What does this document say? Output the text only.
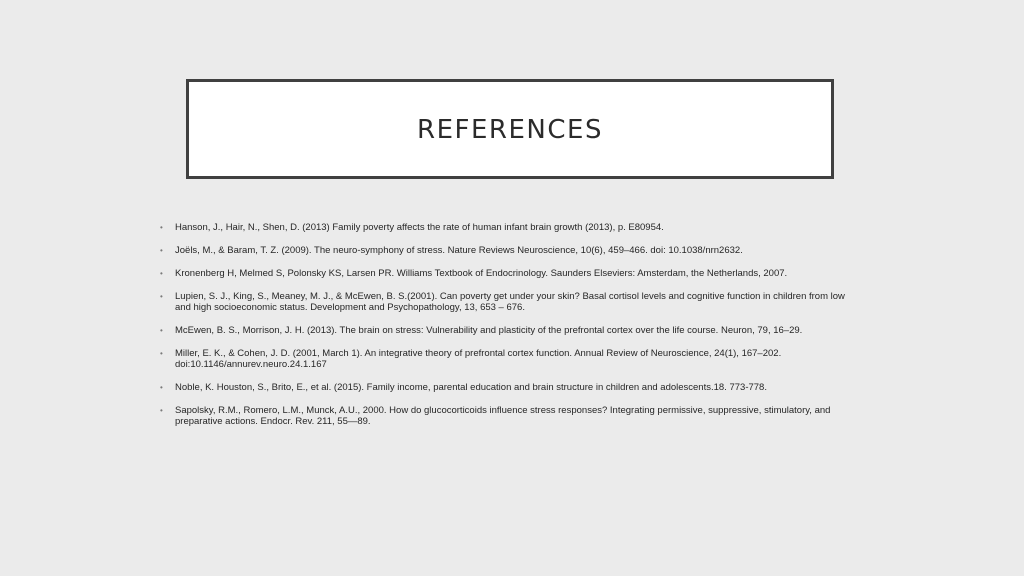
REFERENCES
• Hanson, J., Hair, N., Shen, D. (2013) Family poverty affects the rate of human infant brain growth (2013), p. E80954.
• Joëls, M., & Baram, T. Z. (2009). The neuro-symphony of stress. Nature Reviews Neuroscience, 10(6), 459–466. doi: 10.1038/nrn2632.
• Kronenberg H, Melmed S, Polonsky KS, Larsen PR. Williams Textbook of Endocrinology. Saunders Elseviers: Amsterdam, the Netherlands, 2007.
• Lupien, S. J., King, S., Meaney, M. J., & McEwen, B. S.(2001). Can poverty get under your skin? Basal cortisol levels and cognitive function in children from low and high socioeconomic status. Development and Psychopathology, 13, 653 – 676.
• McEwen, B. S., Morrison, J. H. (2013). The brain on stress: Vulnerability and plasticity of the prefrontal cortex over the life course. Neuron, 79, 16–29.
• Miller, E. K., & Cohen, J. D. (2001, March 1). An integrative theory of prefrontal cortex function. Annual Review of Neuroscience, 24(1), 167–202. doi:10.1146/annurev.neuro.24.1.167
• Noble, K. Houston, S., Brito, E., et al. (2015). Family income, parental education and brain structure in children and adolescents.18. 773-778.
• Sapolsky, R.M., Romero, L.M., Munck, A.U., 2000. How do glucocorticoids influence stress responses? Integrating permissive, suppressive, stimulatory, and preparative actions. Endocr. Rev. 211, 55—89.
